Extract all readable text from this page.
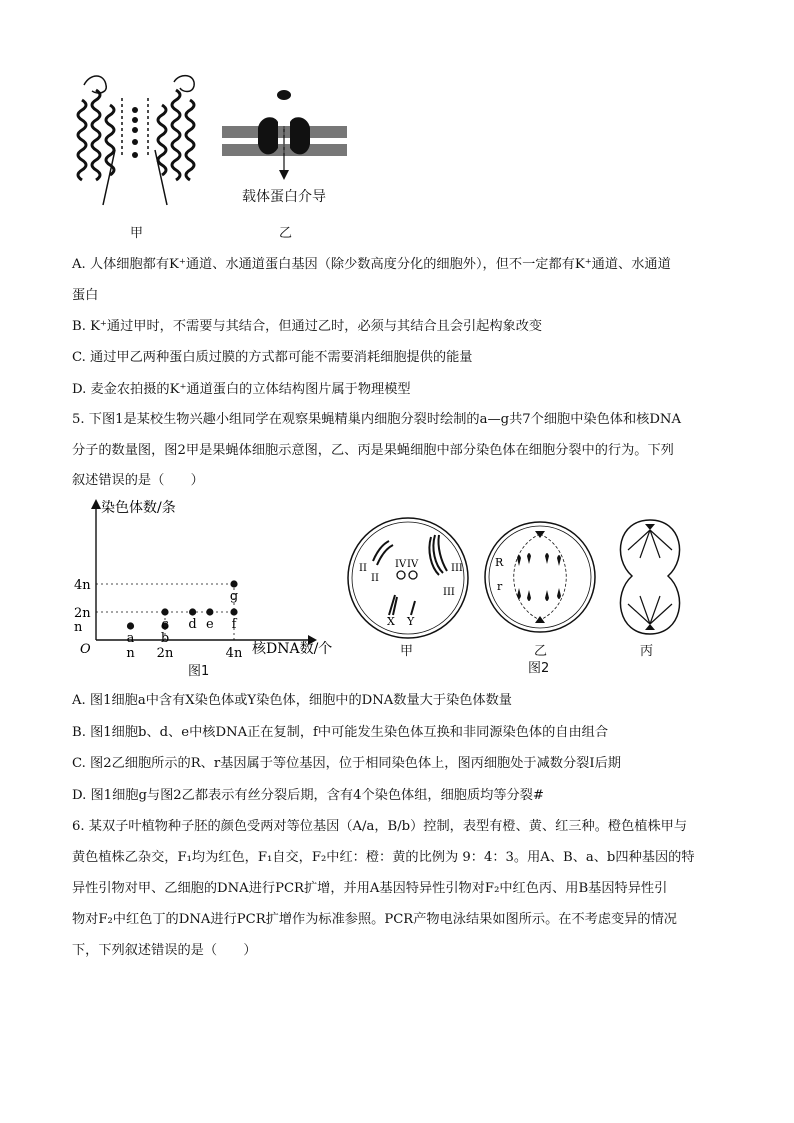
甲
载体蛋白介导
乙
A. 人体细胞都有K⁺通道、水通道蛋白基因（除少数高度分化的细胞外），但不一定都有K⁺通道、水通道
蛋白
B. K⁺通过甲时，不需要与其结合，但通过乙时，必须与其结合且会引起构象改变
C. 通过甲乙两种蛋白质过膜的方式都可能不需要消耗细胞提供的能量
D. 麦金农拍摄的K⁺通道蛋白的立体结构图片属于物理模型
5. 下图1是某校生物兴趣小组同学在观察果蝇精巢内细胞分裂时绘制的a—g共7个细胞中染色体和核DNA
分子的数量图，图2甲是果蝇体细胞示意图，乙、丙是果蝇细胞中部分染色体在细胞分裂中的行为。下列
叙述错误的是（　　）
染色体数/条
核DNA数/个
O
4n
2n
n
n 2n	4n
a b
c d e f
g
图1
II
II
IV IV	III
III
X Y
甲
R
r
乙
图2
丙
A. 图1细胞a中含有X染色体或Y染色体，细胞中的DNA数量大于染色体数量
B. 图1细胞b、d、e中核DNA正在复制，f中可能发生染色体互换和非同源染色体的自由组合
C. 图2乙细胞所示的R、r基因属于等位基因，位于相同染色体上，图丙细胞处于减数分裂I后期
D. 图1细胞g与图2乙都表示有丝分裂后期，含有4个染色体组，细胞质均等分裂#
6. 某双子叶植物种子胚的颜色受两对等位基因（A/a，B/b）控制，表型有橙、黄、红三种。橙色植株甲与
黄色植株乙杂交，F₁均为红色，F₁自交，F₂中红：橙：黄的比例为 9：4：3。用A、B、a、b四种基因的特
异性引物对甲、乙细胞的DNA进行PCR扩增，并用A基因特异性引物对F₂中红色丙、用B基因特异性引
物对F₂中红色丁的DNA进行PCR扩增作为标准参照。PCR产物电泳结果如图所示。在不考虑变异的情况
下，下列叙述错误的是（　　）
